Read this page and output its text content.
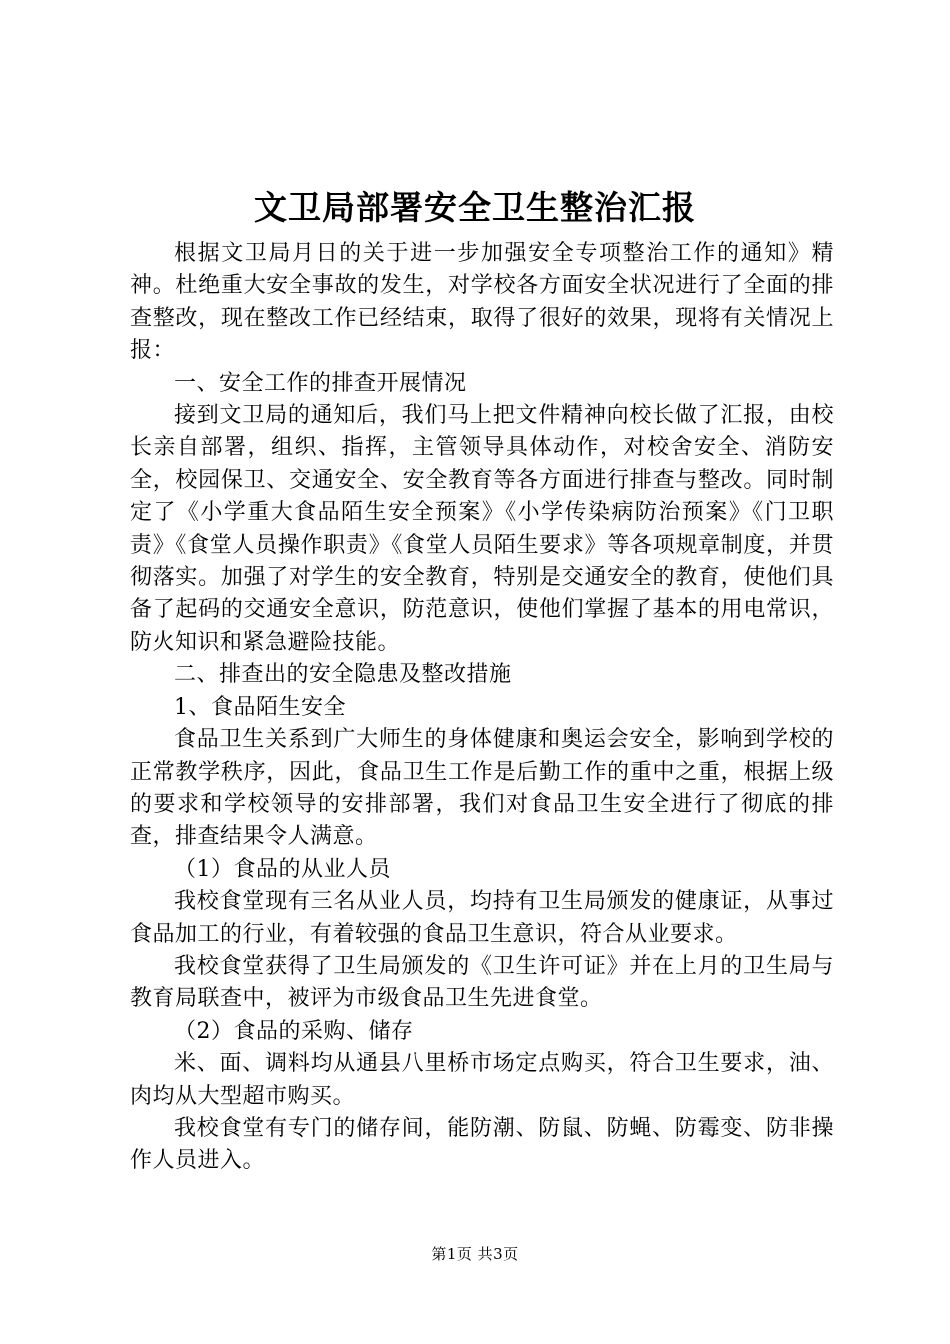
文卫局部署安全卫生整治汇报

根据文卫局月日的关于进一步加强安全专项整治工作的通知》精神。杜绝重大安全事故的发生，对学校各方面安全状况进行了全面的排查整改，现在整改工作已经结束，取得了很好的效果，现将有关情况上报：

一、安全工作的排查开展情况

接到文卫局的通知后，我们马上把文件精神向校长做了汇报，由校长亲自部署，组织、指挥，主管领导具体动作，对校舍安全、消防安全，校园保卫、交通安全、安全教育等各方面进行排查与整改。同时制定了《小学重大食品陌生安全预案》《小学传染病防治预案》《门卫职责》《食堂人员操作职责》《食堂人员陌生要求》等各项规章制度，并贯彻落实。加强了对学生的安全教育，特别是交通安全的教育，使他们具备了起码的交通安全意识，防范意识，使他们掌握了基本的用电常识，防火知识和紧急避险技能。

二、排查出的安全隐患及整改措施

1、食品陌生安全

食品卫生关系到广大师生的身体健康和奥运会安全，影响到学校的正常教学秩序，因此，食品卫生工作是后勤工作的重中之重，根据上级的要求和学校领导的安排部署，我们对食品卫生安全进行了彻底的排查，排查结果令人满意。

（1）食品的从业人员

我校食堂现有三名从业人员，均持有卫生局颁发的健康证，从事过食品加工的行业，有着较强的食品卫生意识，符合从业要求。

我校食堂获得了卫生局颁发的《卫生许可证》并在上月的卫生局与教育局联查中，被评为市级食品卫生先进食堂。

（2）食品的采购、储存

米、面、调料均从通县八里桥市场定点购买，符合卫生要求，油、肉均从大型超市购买。

我校食堂有专门的储存间，能防潮、防鼠、防蝇、防霉变、防非操作人员进入。

第1页 共3页
